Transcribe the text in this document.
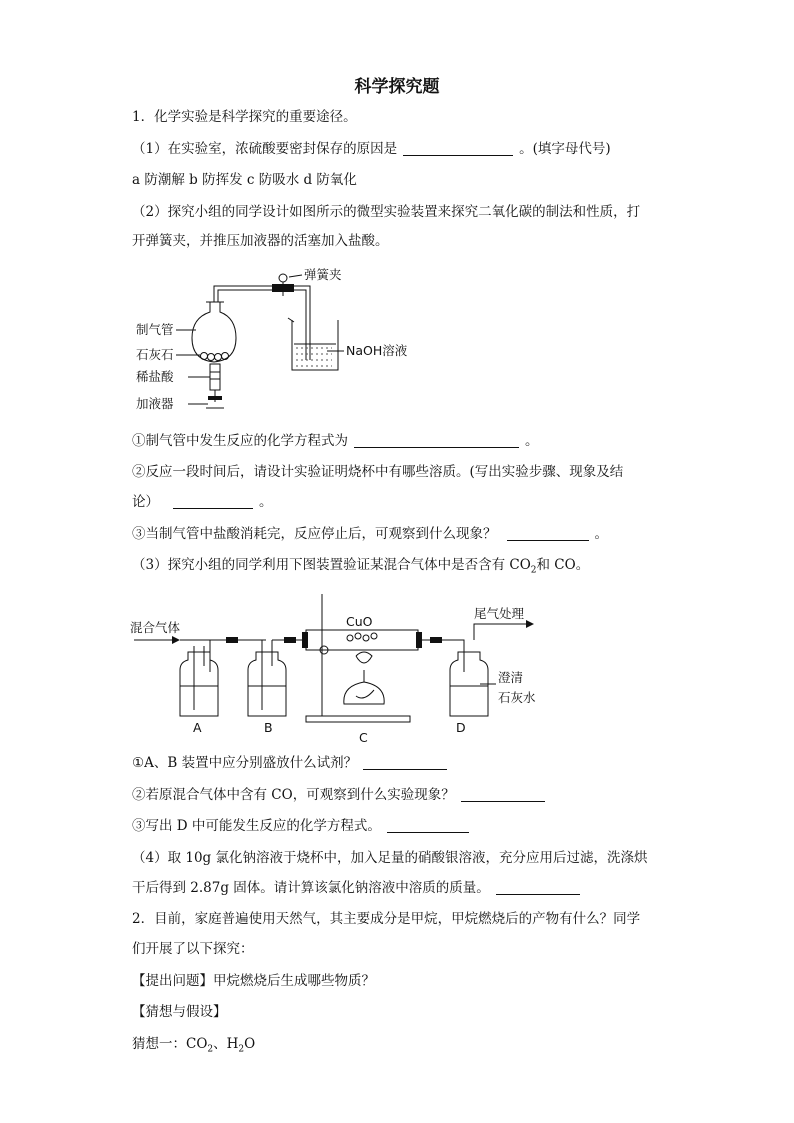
科学探究题
1．化学实验是科学探究的重要途径。
（1）在实验室，浓硫酸要密封保存的原因是	。(填字母代号)
a 防潮解 b 防挥发 c 防吸水 d 防氧化
（2）探究小组的同学设计如图所示的微型实验装置来探究二氧化碳的制法和性质，打
开弹簧夹，并推压加液器的活塞加入盐酸。
弹簧夹
NaOH溶液
制气管
石灰石
稀盐酸
加液器
①制气管中发生反应的化学方程式为	。
②反应一段时间后，请设计实验证明烧杯中有哪些溶质。(写出实验步骤、现象及结
论）	。
③当制气管中盐酸消耗完，反应停止后，可观察到什么现象？	。
（3）探究小组的同学利用下图装置验证某混合气体中是否含有 $CO_2$和 CO。
混合气体
A	B
CuO
C
尾气处理
D
澄清
石灰水
①A、B 装置中应分别盛放什么试剂？
②若原混合气体中含有 CO，可观察到什么实验现象？
③写出 D 中可能发生反应的化学方程式。
（4）取 10g 氯化钠溶液于烧杯中，加入足量的硝酸银溶液，充分应用后过滤，洗涤烘
干后得到 2.87g 固体。请计算该氯化钠溶液中溶质的质量。
2．目前，家庭普遍使用天然气，其主要成分是甲烷，甲烷燃烧后的产物有什么？同学
们开展了以下探究：
【提出问题】甲烷燃烧后生成哪些物质？
【猜想与假设】
猜想一：$CO_2$、$H_2O$
